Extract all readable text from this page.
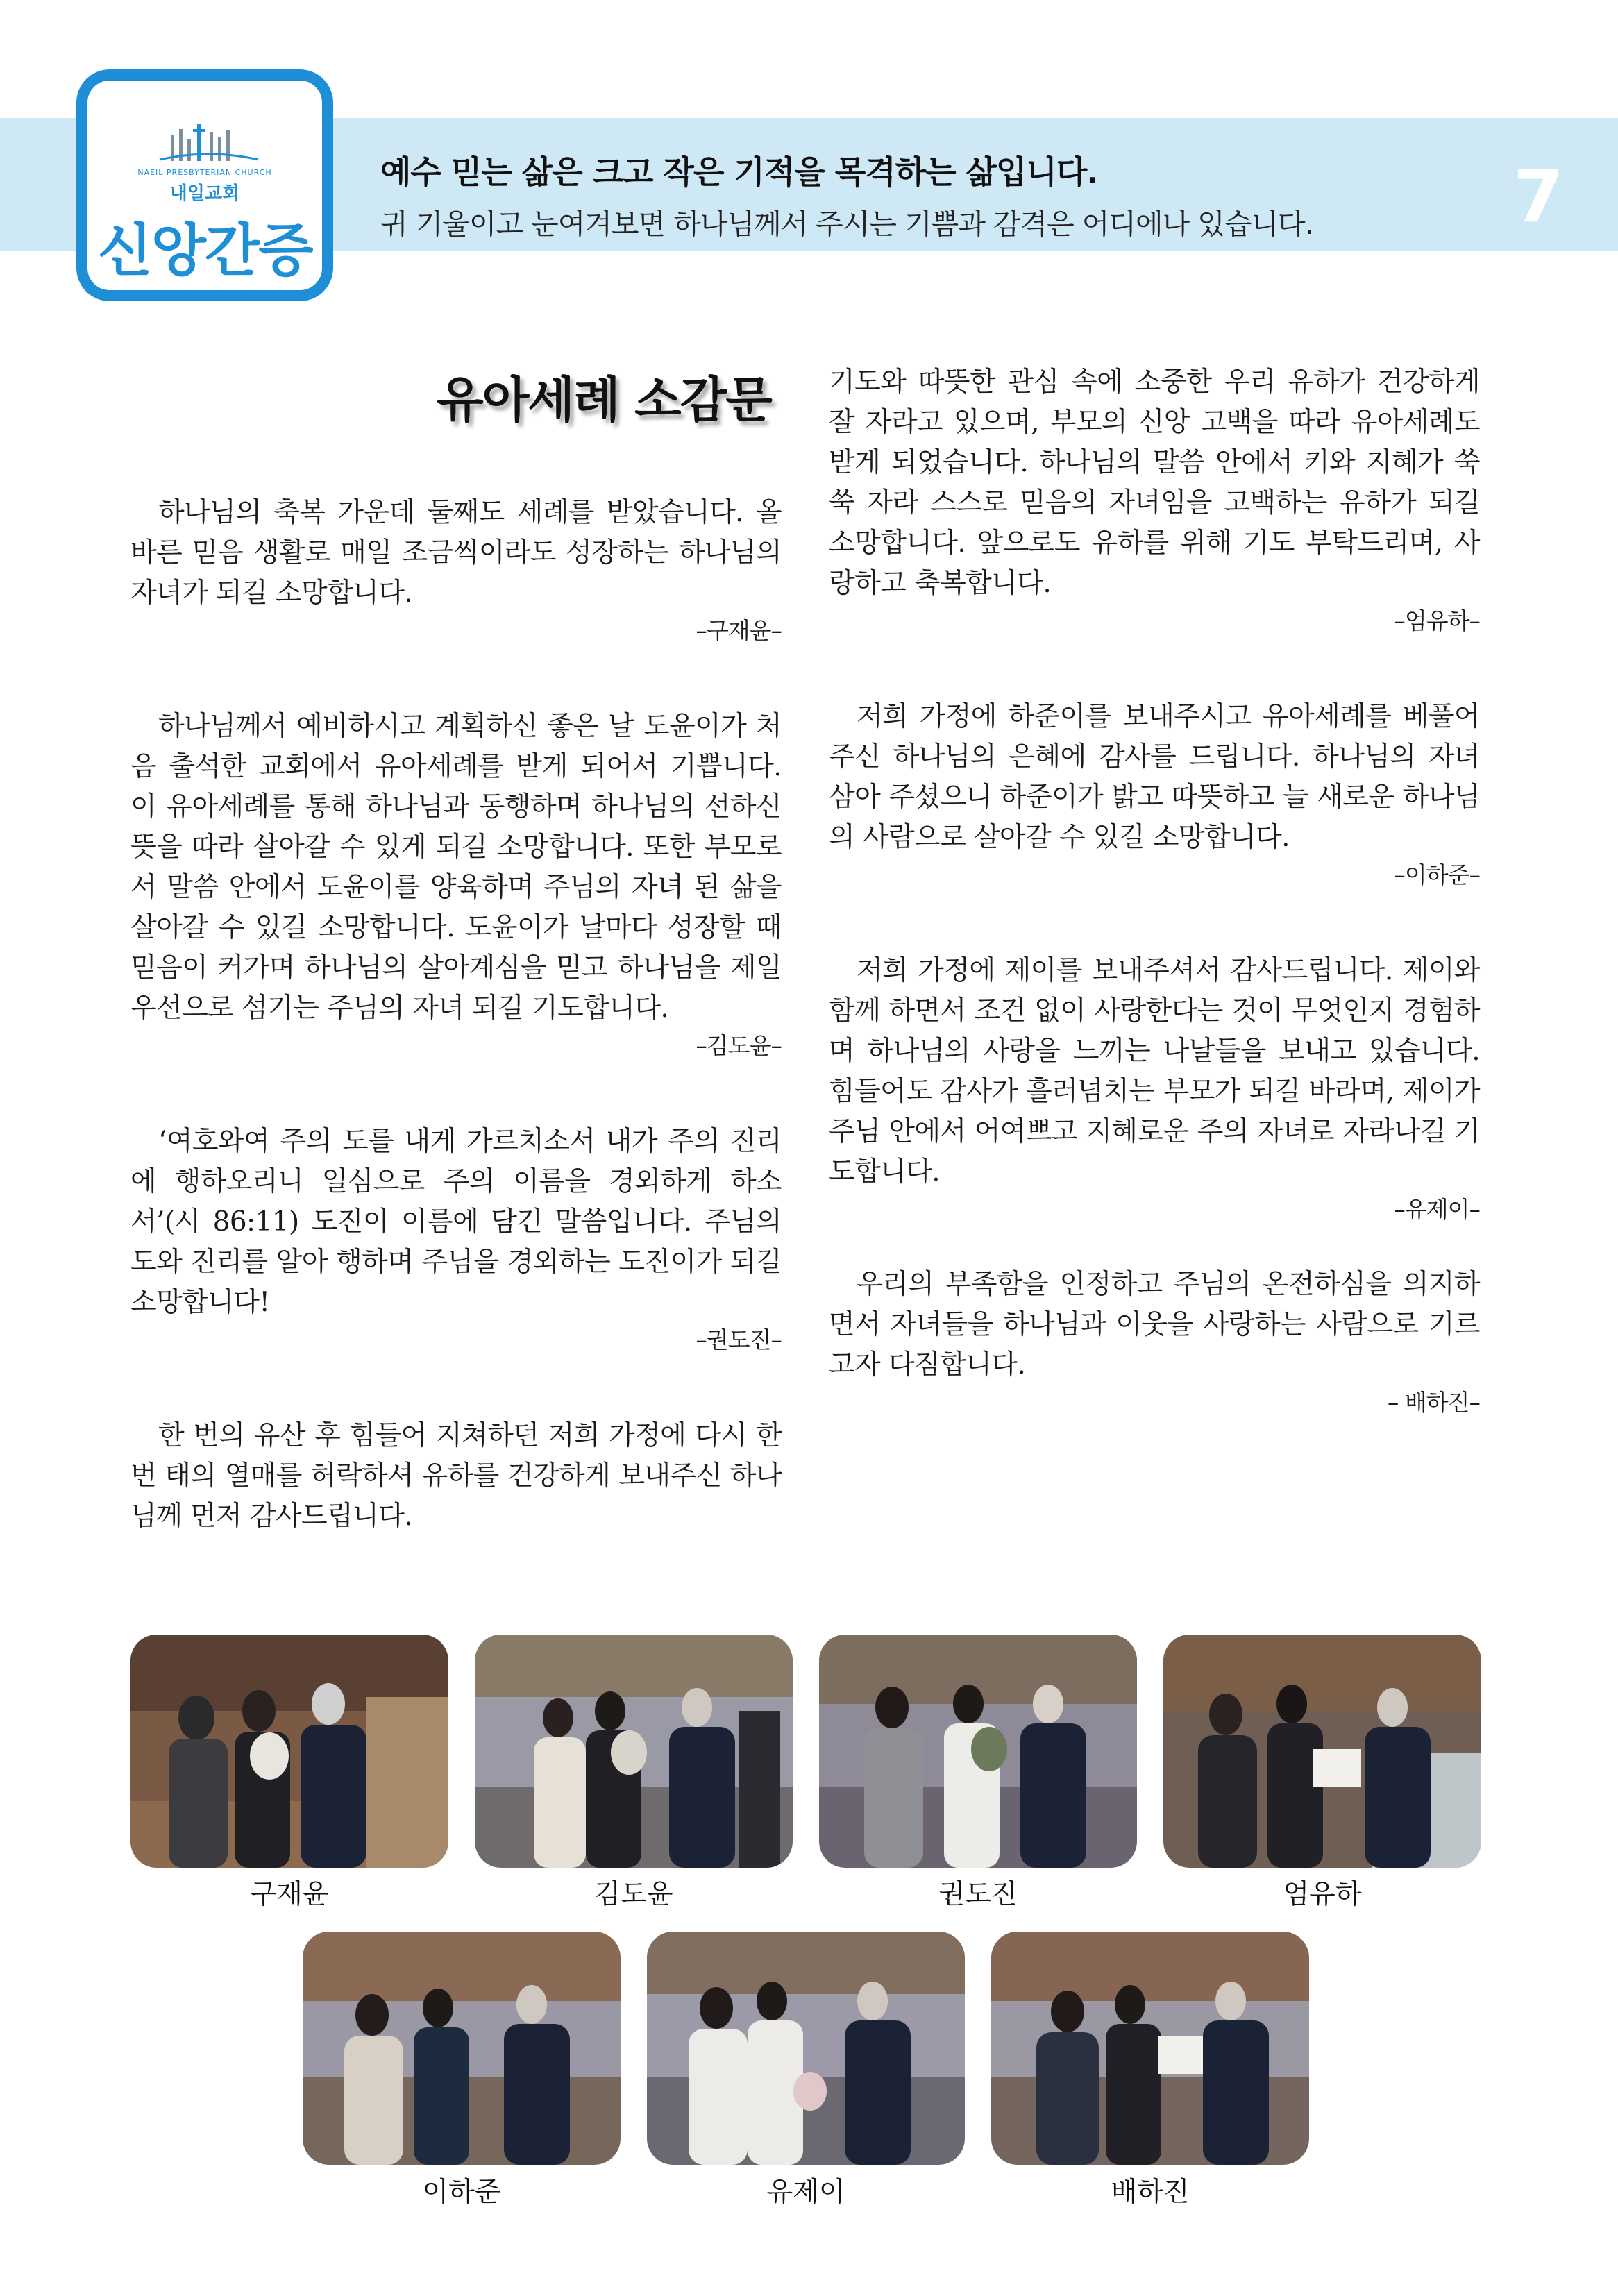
NAEIL PRESBYTERIAN CHURCH
내일교회
신앙간증
예수 믿는 삶은 크고 작은 기적을 목격하는 삶입니다.
귀 기울이고 눈여겨보면 하나님께서 주시는 기쁨과 감격은 어디에나 있습니다.	7
유아세례 소감문

하나님의 축복 가운데 둘째도 세례를 받았습니다. 올바른 믿음 생활로 매일 조금씩이라도 성장하는 하나님의 자녀가 되길 소망합니다.

–구재윤–

하나님께서 예비하시고 계획하신 좋은 날 도윤이가 처음 출석한 교회에서 유아세례를 받게 되어서 기쁩니다. 이 유아세례를 통해 하나님과 동행하며 하나님의 선하신 뜻을 따라 살아갈 수 있게 되길 소망합니다. 또한 부모로서 말씀 안에서 도윤이를 양육하며 주님의 자녀 된 삶을 살아갈 수 있길 소망합니다. 도윤이가 날마다 성장할 때 믿음이 커가며 하나님의 살아계심을 믿고 하나님을 제일 우선으로 섬기는 주님의 자녀 되길 기도합니다.

–김도윤–

‘여호와여 주의 도를 내게 가르치소서 내가 주의 진리에 행하오리니 일심으로 주의 이름을 경외하게 하소서’(시 86:11) 도진이 이름에 담긴 말씀입니다. 주님의 도와 진리를 알아 행하며 주님을 경외하는 도진이가 되길 소망합니다!

–권도진–

한 번의 유산 후 힘들어 지쳐하던 저희 가정에 다시 한번 태의 열매를 허락하셔 유하를 건강하게 보내주신 하나님께 먼저 감사드립니다.

기도와 따뜻한 관심 속에 소중한 우리 유하가 건강하게 잘 자라고 있으며, 부모의 신앙 고백을 따라 유아세례도 받게 되었습니다. 하나님의 말씀 안에서 키와 지혜가 쑥쑥 자라 스스로 믿음의 자녀임을 고백하는 유하가 되길 소망합니다. 앞으로도 유하를 위해 기도 부탁드리며, 사랑하고 축복합니다.

–엄유하–

저희 가정에 하준이를 보내주시고 유아세례를 베풀어 주신 하나님의 은혜에 감사를 드립니다. 하나님의 자녀 삼아 주셨으니 하준이가 밝고 따뜻하고 늘 새로운 하나님의 사람으로 살아갈 수 있길 소망합니다.

–이하준–

저희 가정에 제이를 보내주셔서 감사드립니다. 제이와 함께 하면서 조건 없이 사랑한다는 것이 무엇인지 경험하며 하나님의 사랑을 느끼는 나날들을 보내고 있습니다. 힘들어도 감사가 흘러넘치는 부모가 되길 바라며, 제이가 주님 안에서 어여쁘고 지혜로운 주의 자녀로 자라나길 기도합니다.

–유제이–

우리의 부족함을 인정하고 주님의 온전하심을 의지하면서 자녀들을 하나님과 이웃을 사랑하는 사람으로 기르고자 다짐합니다.

– 배하진–

구재윤	김도윤	권도진	엄유하
이하준	유제이	배하진
